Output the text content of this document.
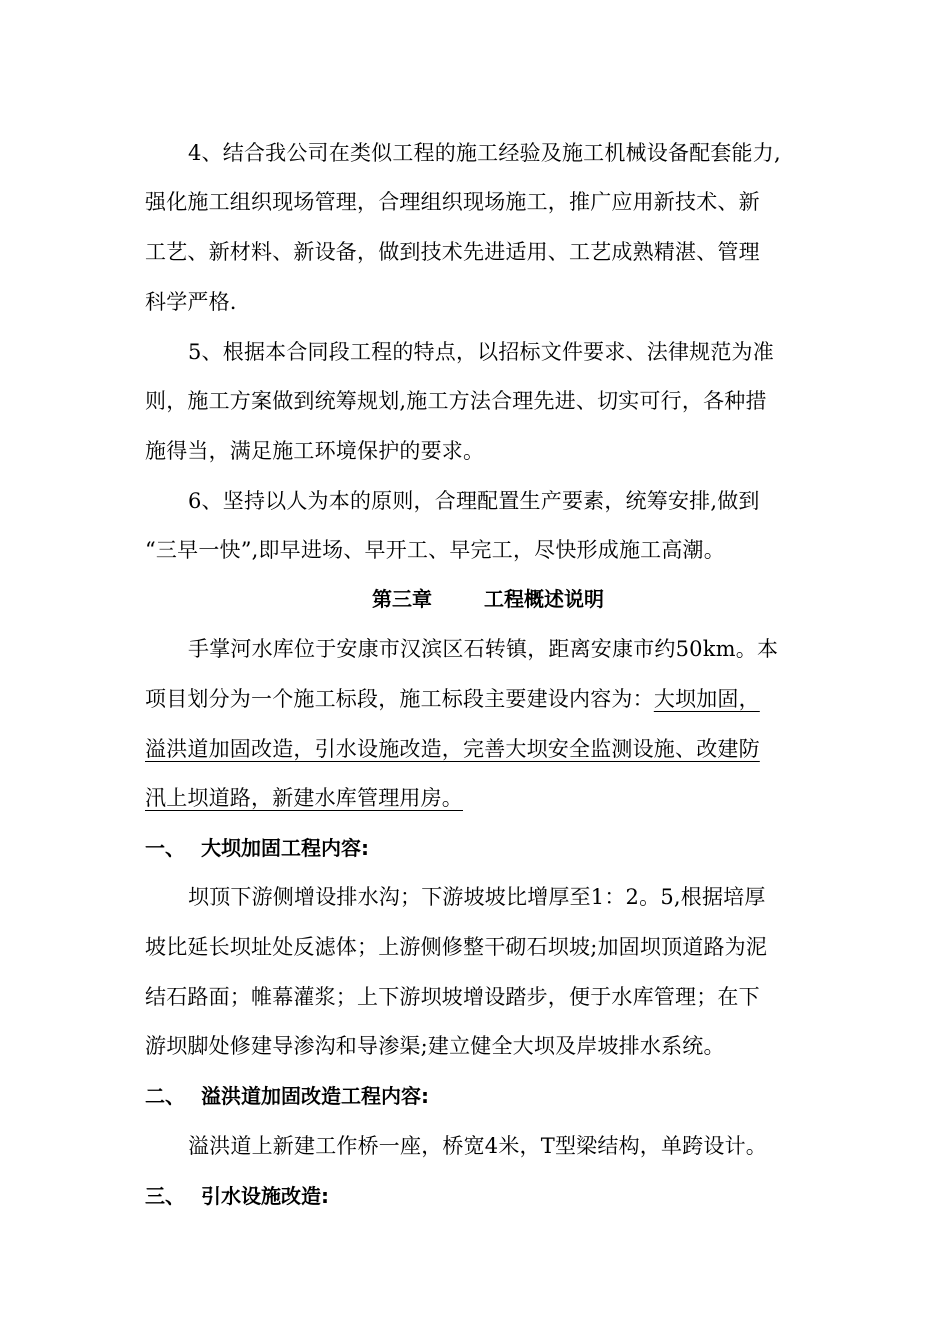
4、结合我公司在类似工程的施工经验及施工机械设备配套能力,
强化施工组织现场管理，合理组织现场施工，推广应用新技术、新
工艺、新材料、新设备，做到技术先进适用、工艺成熟精湛、管理
科学严格.
5、根据本合同段工程的特点，以招标文件要求、法律规范为准
则，施工方案做到统筹规划,施工方法合理先进、切实可行，各种措
施得当，满足施工环境保护的要求。
6、坚持以人为本的原则，合理配置生产要素，统筹安排,做到
“三早一快”,即早进场、早开工、早完工，尽快形成施工高潮。
第三章	工程概述说明
手掌河水库位于安康市汉滨区石转镇，距离安康市约50km。本
项目划分为一个施工标段，施工标段主要建设内容为：大坝加固，
溢洪道加固改造，引水设施改造，完善大坝安全监测设施、改建防
汛上坝道路，新建水库管理用房。
一、 大坝加固工程内容:
坝顶下游侧增设排水沟；下游坡坡比增厚至1：2。5,根据培厚
坡比延长坝址处反滤体；上游侧修整干砌石坝坡;加固坝顶道路为泥
结石路面；帷幕灌浆；上下游坝坡增设踏步，便于水库管理；在下
游坝脚处修建导渗沟和导渗渠;建立健全大坝及岸坡排水系统。
二、 溢洪道加固改造工程内容:
溢洪道上新建工作桥一座，桥宽4米，T型梁结构，单跨设计。
三、 引水设施改造:
